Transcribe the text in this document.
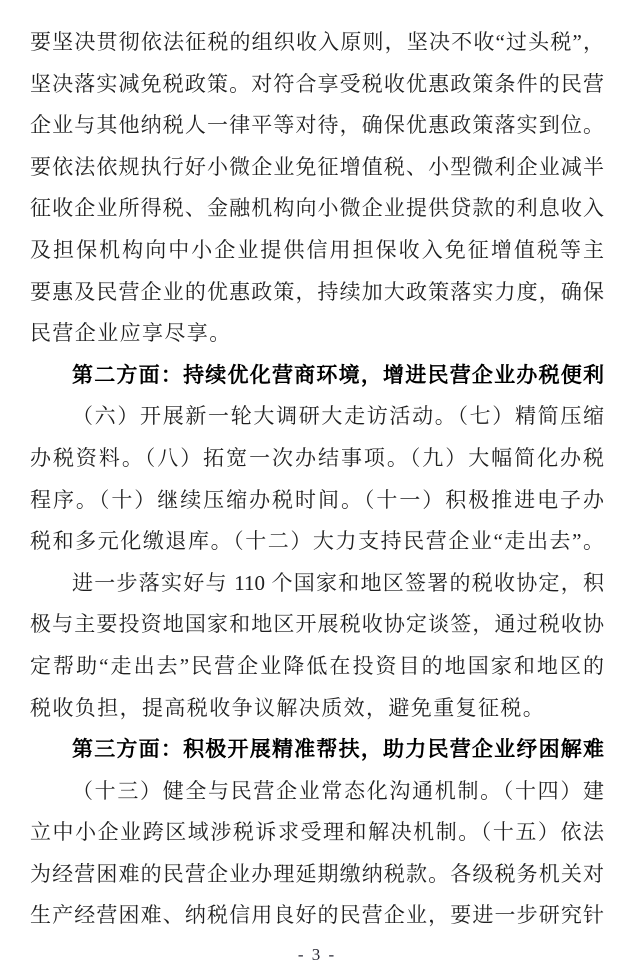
要坚决贯彻依法征税的组织收入原则，坚决不收“过头税”，
坚决落实减免税政策。对符合享受税收优惠政策条件的民营
企业与其他纳税人一律平等对待，确保优惠政策落实到位。
要依法依规执行好小微企业免征增值税、小型微利企业减半
征收企业所得税、金融机构向小微企业提供贷款的利息收入
及担保机构向中小企业提供信用担保收入免征增值税等主
要惠及民营企业的优惠政策，持续加大政策落实力度，确保
民营企业应享尽享。
第二方面：持续优化营商环境，增进民营企业办税便利
（六）开展新一轮大调研大走访活动。（七）精简压缩
办税资料。（八）拓宽一次办结事项。（九）大幅简化办税
程序。（十）继续压缩办税时间。（十一）积极推进电子办
税和多元化缴退库。（十二）大力支持民营企业“走出去”。
进一步落实好与 110 个国家和地区签署的税收协定，积
极与主要投资地国家和地区开展税收协定谈签，通过税收协
定帮助“走出去”民营企业降低在投资目的地国家和地区的
税收负担，提高税收争议解决质效，避免重复征税。
第三方面：积极开展精准帮扶，助力民营企业纾困解难
（十三）健全与民营企业常态化沟通机制。（十四）建
立中小企业跨区域涉税诉求受理和解决机制。（十五）依法
为经营困难的民营企业办理延期缴纳税款。各级税务机关对
生产经营困难、纳税信用良好的民营企业，要进一步研究针
- 3 -
